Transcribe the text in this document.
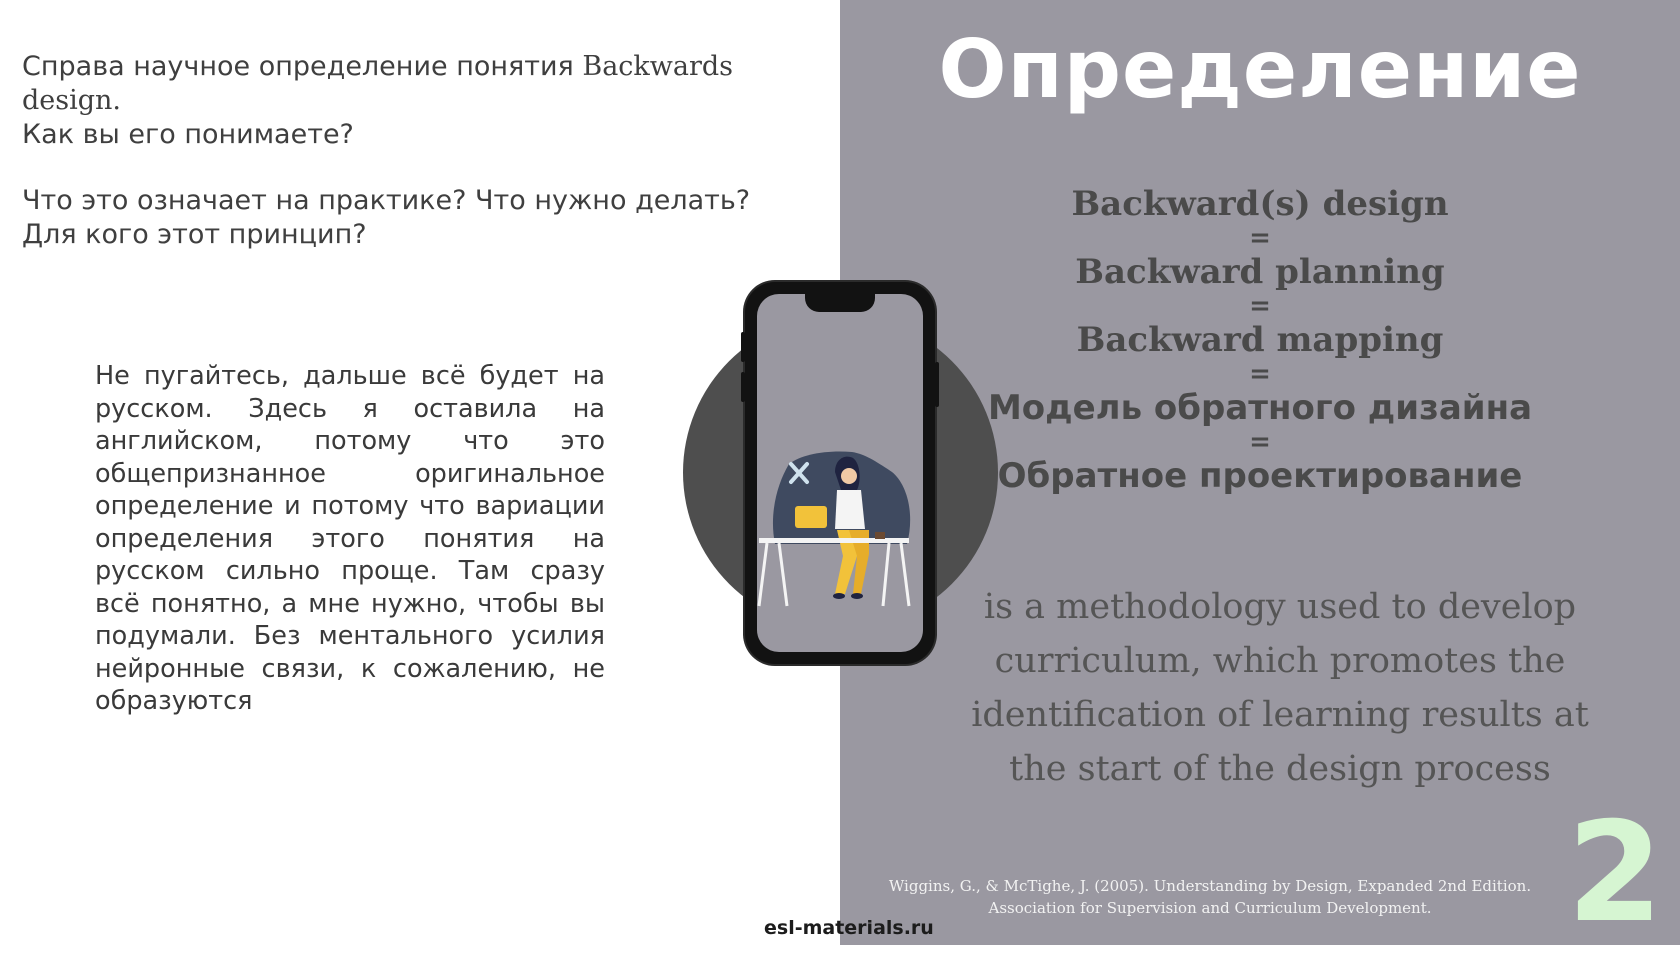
Справа научное определение понятия Backwards design.
Как вы его понимаете?

Что это означает на практике? Что нужно делать? Для кого этот принцип?

Не пугайтесь, дальше всё будет на русском. Здесь я оставила на английском, потому что это общепризнанное оригинальное определение и потому что вариации определения этого понятия на русском сильно проще. Там сразу всё понятно, а мне нужно, чтобы вы подумали. Без ментального усилия нейронные связи, к сожалению, не образуются
Определение
Backward(s) design
=
Backward planning
=
Backward mapping
=
Модель обратного дизайна
=
Обратное проектирование

is a methodology used to develop curriculum, which promotes the identification of learning results at the start of the design process

Wiggins, G., & McTighe, J. (2005). Understanding by Design, Expanded 2nd Edition.
Association for Supervision and Curriculum Development. 2
esl-materials.ru
